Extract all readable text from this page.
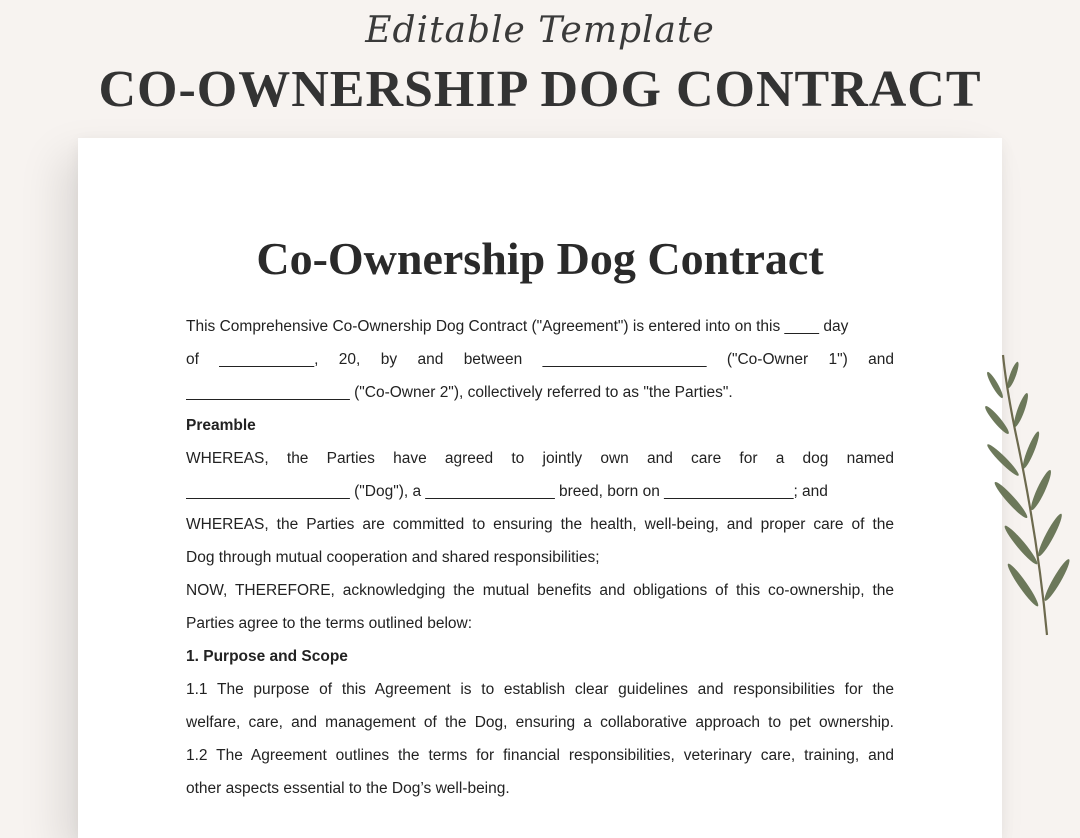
Editable Template
CO-OWNERSHIP DOG CONTRACT
Co-Ownership Dog Contract
This Comprehensive Co-Ownership Dog Contract ("Agreement") is entered into on this ____ day
of ___________, 20, by and between ___________________ ("Co-Owner 1") and
___________________ ("Co-Owner 2"), collectively referred to as "the Parties".
Preamble
WHEREAS, the Parties have agreed to jointly own and care for a dog named
___________________ ("Dog"), a _______________ breed, born on _______________; and
WHEREAS, the Parties are committed to ensuring the health, well-being, and proper care of the
Dog through mutual cooperation and shared responsibilities;
NOW, THEREFORE, acknowledging the mutual benefits and obligations of this co-ownership, the
Parties agree to the terms outlined below:
1. Purpose and Scope
1.1 The purpose of this Agreement is to establish clear guidelines and responsibilities for the
welfare, care, and management of the Dog, ensuring a collaborative approach to pet ownership.
1.2 The Agreement outlines the terms for financial responsibilities, veterinary care, training, and
other aspects essential to the Dog’s well-being.
